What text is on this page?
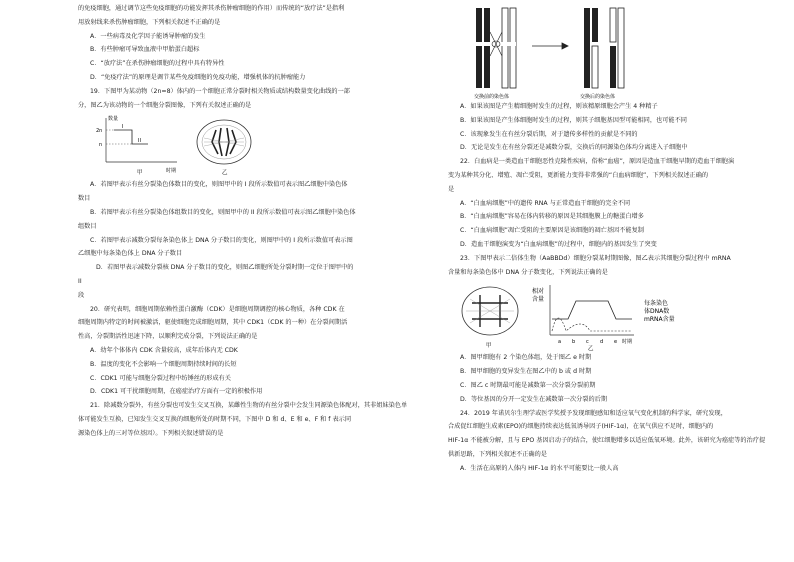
的免疫细胞，通过调节这些免疫细胞的功能发挥其杀伤肿瘤细胞的作用）而传统的“放疗法”是指利
用放射线来杀伤肿瘤细胞，下列相关叙述不正确的是
A．一些病毒及化学因子能诱导肿瘤的发生
B．有些肿瘤可导致血液中甲胎蛋白超标
C．“放疗法”在杀伤肿瘤细胞的过程中具有特异性
D．“免疫疗法”的原理是调节某些免疫细胞的免疫功能，增强机体的抗肿瘤能力
19．下图甲为某动物（2n=8）体内的一个细胞正常分裂时相关物质或结构数量变化曲线的一部
分，图乙为该动物的一个细胞分裂图像，下列有关叙述正确的是
数量
2n
n
时期
I
II
甲	乙
A．若图甲表示有丝分裂染色体数目的变化，则图甲中的 I 段所示数值可表示图乙细胞中染色体
数目
B．若图甲表示有丝分裂染色体组数目的变化，则图甲中的 II 段所示数值可表示图乙细胞中染色体
组数目
C．若图甲表示减数分裂每条染色体上 DNA 分子数目的变化，则图甲中的 I 段所示数值可表示图
乙细胞中每条染色体上 DNA 分子数目
D．若图甲表示减数分裂核 DNA 分子数目的变化，则图乙细胞所处分裂时期一定位于图甲中的
II
段
20．研究表明，细胞周期依赖性蛋白激酶（CDK）是细胞周期调控的核心物质，各种 CDK 在
细胞周期内特定的时间被激活，驱使细胞完成细胞周期，其中 CDK1（CDK 的一种）在分裂间期活
性高，分裂期活性迅速下降，以顺利完成分裂，下列说法正确的是
A．幼年个体体内 CDK 含量较高，成年后体内无 CDK
B．温度的变化不会影响一个细胞周期持续时间的长短
C．CDK1 可能与细胞分裂过程中纺锤丝的形成有关
D．CDK1 可干扰细胞周期，在癌症治疗方面有一定的积极作用
21．除减数分裂外，有丝分裂也可发生交叉互换，某雌性生物的有丝分裂中会发生同源染色体配对，其非姐妹染色单
体可能发生互换，已知发生交叉互换的细胞所处的时期不同，下图中 D 和 d、E 和 e、F 和 f 表示同
源染色体上的三对等位基因）。下列相关叙述错误的是
交换前的染色体	交换后的染色体
A．如果该图是产生精细胞时发生的过程，则该精原细胞会产生 4 种精子
B．如果该图是产生体细胞时发生的过程，则其子细胞基因型可能相同，也可能不同
C．该现象发生在有丝分裂后期，对于遗传多样性的贡献是不同的
D．无论是发生在有丝分裂还是减数分裂，交换后的同源染色体均分离进入子细胞中
22．白血病是一类造血干细胞恶性克隆性疾病，俗称“血癌”，原因是造血干细胞早期的造血干细胞演
变为某种其分化、增殖、凋亡受阻，更新能力变得非常强的“白血病细胞”，下列相关叙述正确的
是
A．“白血病细胞”中的遗传 RNA 与正常造血干细胞的完全不同
B．“白血病细胞”容易在体内转移的原因是其细胞膜上的糖蛋白增多
C．“白血病细胞”凋亡受阻的主要原因是该细胞的凋亡基因不能复制
D．造血干细胞演变为“白血病细胞”的过程中，细胞内的基因发生了突变
23．下图甲表示二倍体生物（AaBBDd）细胞分裂某时期图像，图乙表示其细胞分裂过程中 mRNA
含量和每条染色体中 DNA 分子数变化，下列说法正确的是
甲
相对
含量
每条染色
体DNA数
mRNA含量
a b c d e 时期
乙
A．图甲细胞有 2 个染色体组，处于图乙 e 时期
B．图甲细胞的变异发生在图乙中的 b 或 d 时期
C．图乙 c 时期最可能是减数第一次分裂分裂前期
D．等位基因的分开一定发生在减数第一次分裂的后期
24．2019 年诺贝尔生理学或医学奖授予发现细胞感知和适应氧气变化机制的科学家，研究发现，
合成促红细胞生成素(EPO)的细胞持续表达低氧诱导因子(HIF-1α)，在氧气供应不足时，细胞内的
HIF-1α 不能被分解，且与 EPO 基因启动子的结合，使红细胞增多以适应低氧环境。此外，该研究为癌症等的治疗提
供新思路，下列相关叙述不正确的是
A．生活在高原的人体内 HIF-1α 的水平可能要比一般人高
